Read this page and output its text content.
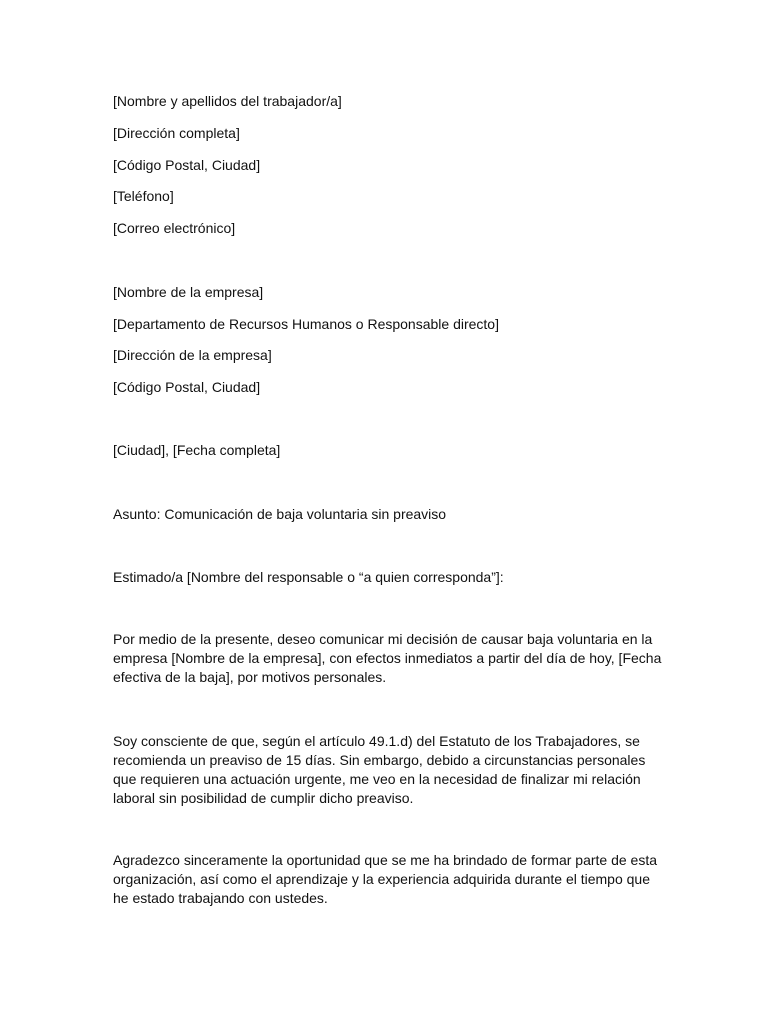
[Nombre y apellidos del trabajador/a]

[Dirección completa]

[Código Postal, Ciudad]

[Teléfono]

[Correo electrónico]

[Nombre de la empresa]

[Departamento de Recursos Humanos o Responsable directo]

[Dirección de la empresa]

[Código Postal, Ciudad]

[Ciudad], [Fecha completa]

Asunto: Comunicación de baja voluntaria sin preaviso

Estimado/a [Nombre del responsable o “a quien corresponda”]:

Por medio de la presente, deseo comunicar mi decisión de causar baja voluntaria en la
empresa [Nombre de la empresa], con efectos inmediatos a partir del día de hoy, [Fecha
efectiva de la baja], por motivos personales.
Soy consciente de que, según el artículo 49.1.d) del Estatuto de los Trabajadores, se
recomienda un preaviso de 15 días. Sin embargo, debido a circunstancias personales
que requieren una actuación urgente, me veo en la necesidad de finalizar mi relación
laboral sin posibilidad de cumplir dicho preaviso.
Agradezco sinceramente la oportunidad que se me ha brindado de formar parte de esta
organización, así como el aprendizaje y la experiencia adquirida durante el tiempo que
he estado trabajando con ustedes.
